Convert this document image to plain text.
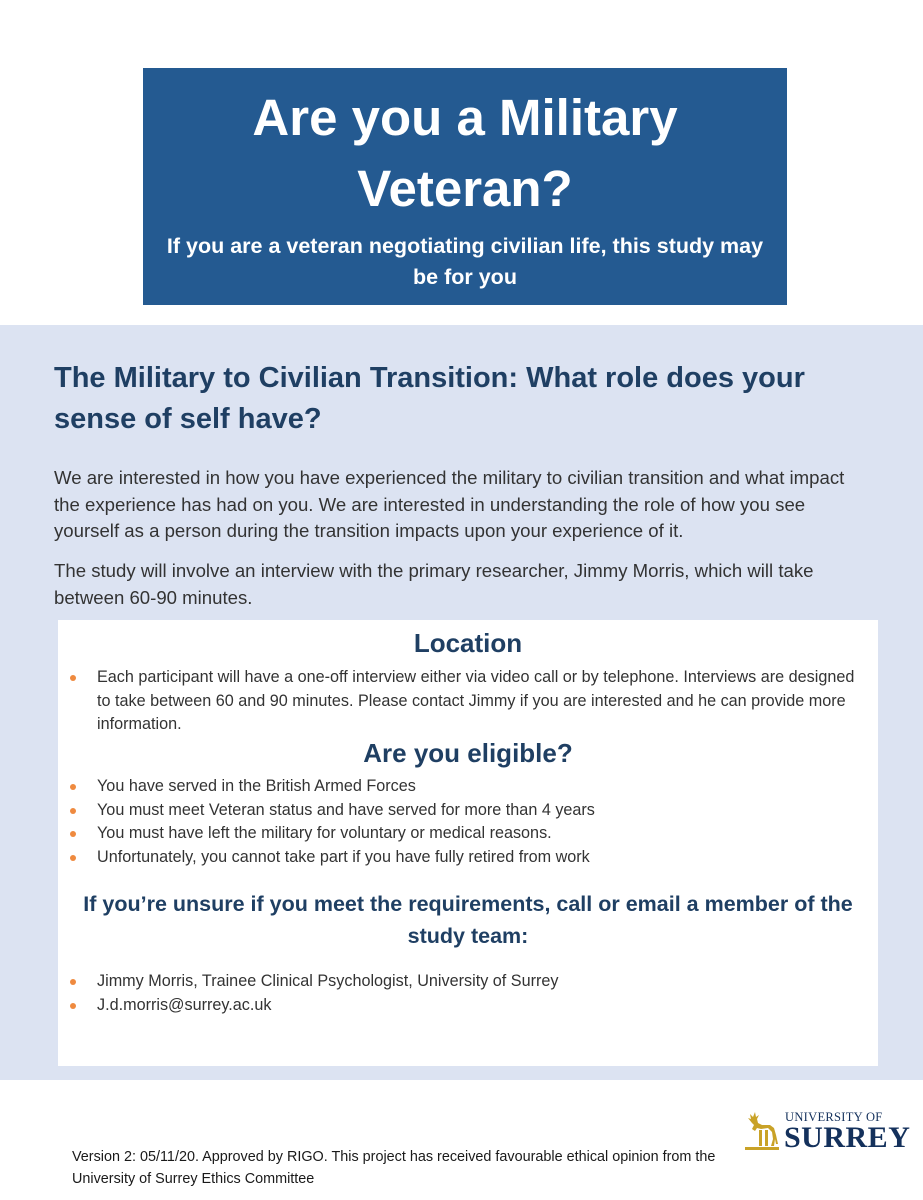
Are you a Military Veteran?

If you are a veteran negotiating civilian life, this study may be for you

The Military to Civilian Transition: What role does your sense of self have?

We are interested in how you have experienced the military to civilian transition and what impact the experience has had on you. We are interested in understanding the role of how you see yourself as a person during the transition impacts upon your experience of it.

The study will involve an interview with the primary researcher, Jimmy Morris, which will take between 60-90 minutes.

Location
Each participant will have a one-off interview either via video call or by telephone. Interviews are designed to take between 60 and 90 minutes. Please contact Jimmy if you are interested and he can provide more information.
Are you eligible?
You have served in the British Armed Forces
You must meet Veteran status and have served for more than 4 years
You must have left the military for voluntary or medical reasons.
Unfortunately, you cannot take part if you have fully retired from work
If you’re unsure if you meet the requirements, call or email a member of the study team:
Jimmy Morris, Trainee Clinical Psychologist, University of Surrey
J.d.morris@surrey.ac.uk

Version 2: 05/11/20. Approved by RIGO. This project has received favourable ethical opinion from the University of Surrey Ethics Committee

UNIVERSITY OF
SURREY
